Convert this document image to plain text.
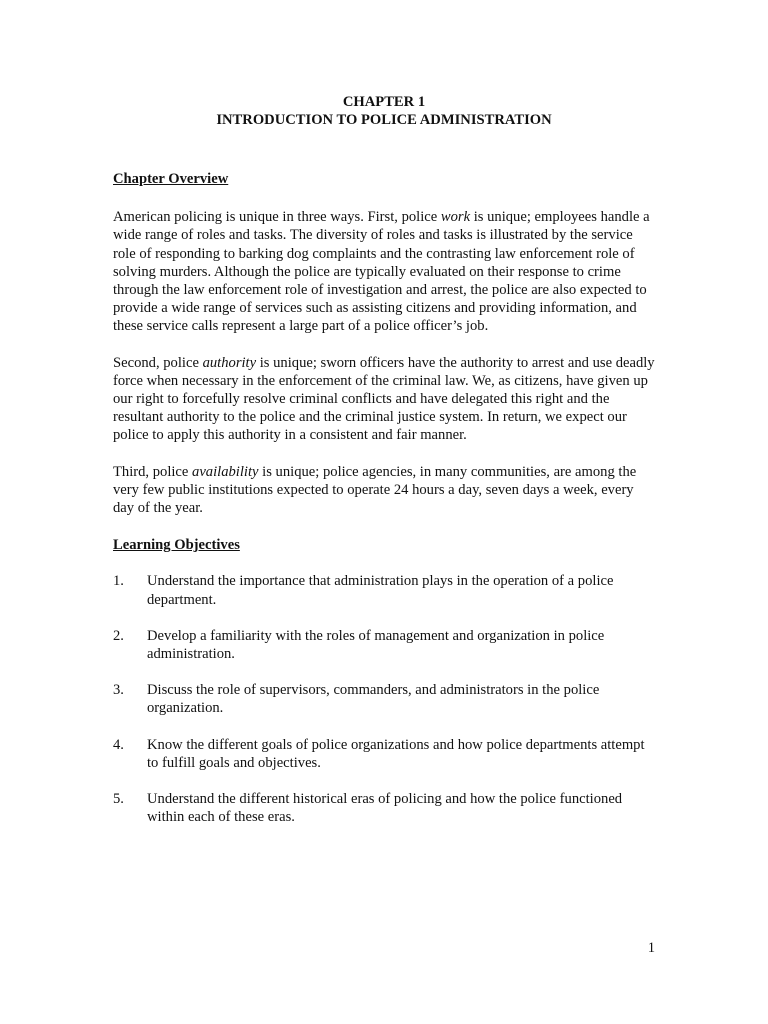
CHAPTER 1

INTRODUCTION TO POLICE ADMINISTRATION

Chapter Overview

American policing is unique in three ways. First, police work is unique; employees handle a wide range of roles and tasks. The diversity of roles and tasks is illustrated by the service role of responding to barking dog complaints and the contrasting law enforcement role of solving murders. Although the police are typically evaluated on their response to crime through the law enforcement role of investigation and arrest, the police are also expected to provide a wide range of services such as assisting citizens and providing information, and these service calls represent a large part of a police officer’s job.

Second, police authority is unique; sworn officers have the authority to arrest and use deadly force when necessary in the enforcement of the criminal law. We, as citizens, have given up our right to forcefully resolve criminal conflicts and have delegated this right and the resultant authority to the police and the criminal justice system. In return, we expect our police to apply this authority in a consistent and fair manner.

Third, police availability is unique; police agencies, in many communities, are among the very few public institutions expected to operate 24 hours a day, seven days a week, every day of the year.

Learning Objectives

1.	Understand the importance that administration plays in the operation of a police department.
2.	Develop a familiarity with the roles of management and organization in police administration.
3.	Discuss the role of supervisors, commanders, and administrators in the police organization.
4.	Know the different goals of police organizations and how police departments attempt to fulfill goals and objectives.
5.	Understand the different historical eras of policing and how the police functioned within each of these eras.
1
